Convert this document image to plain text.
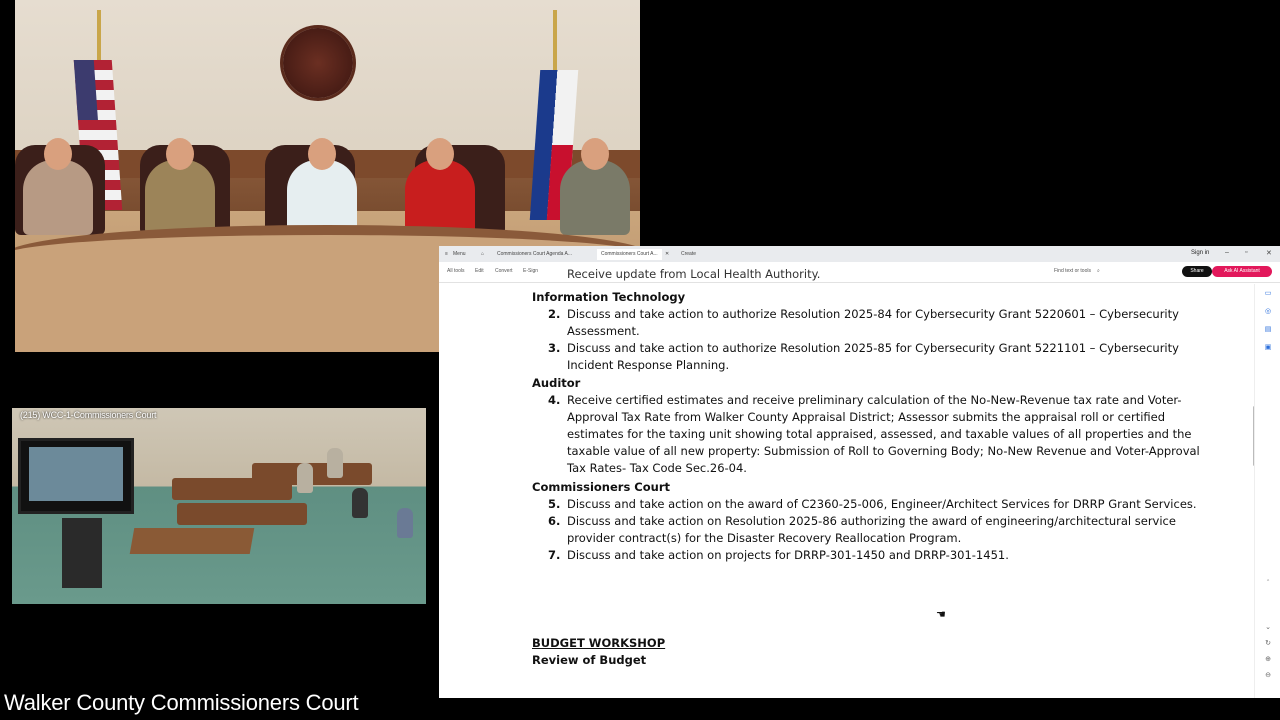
(215) WCC-1-Commissioners Court
≡ Menu	⌂	Commissioners Court Agenda A...	Commissioners Court A...	✕ Create	Sign in – ▫	✕
All tools Edit Convert E-Sign	Find text or tools ⌕	Share	Ask AI Assistant
Receive update from Local Health Authority.
Information Technology
2. Discuss and take action to authorize Resolution 2025-84 for Cybersecurity Grant 5220601 – Cybersecurity
Assessment.
3. Discuss and take action to authorize Resolution 2025-85 for Cybersecurity Grant 5221101 – Cybersecurity
Incident Response Planning.
Auditor
4. Receive certified estimates and receive preliminary calculation of the No-New-Revenue tax rate and Voter-
Approval Tax Rate from Walker County Appraisal District; Assessor submits the appraisal roll or certified
estimates for the taxing unit showing total appraised, assessed, and taxable values of all properties and the
taxable value of all new property: Submission of Roll to Governing Body; No-New Revenue and Voter-Approval
Tax Rates- Tax Code Sec.26-04.
Commissioners Court
5. Discuss and take action on the award of C2360-25-006, Engineer/Architect Services for DRRP Grant Services.
6. Discuss and take action on Resolution 2025-86 authorizing the award of engineering/architectural service
provider contract(s) for the Disaster Recovery Reallocation Program.
7. Discuss and take action on projects for DRRP-301-1450 and DRRP-301-1451.
☚
BUDGET WORKSHOP
Review of Budget
▭
◎
▤
▣
‸
⌄
↻
⊕
⊖
Walker County Commissioners Court
